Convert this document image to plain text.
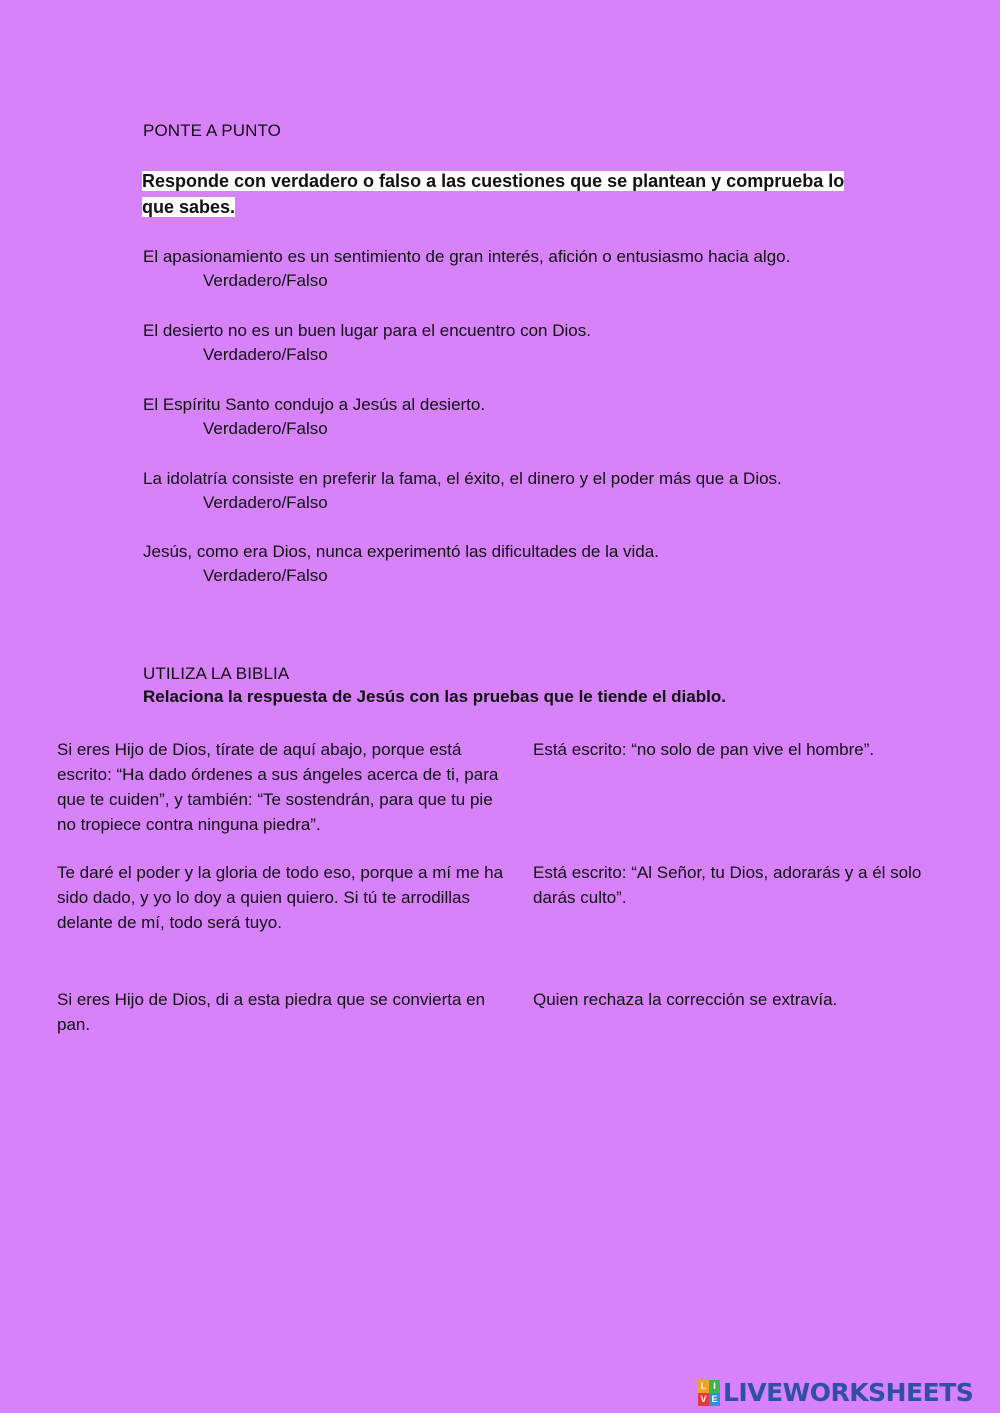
PONTE A PUNTO
Responde con verdadero o falso a las cuestiones que se plantean y comprueba lo que sabes.
El apasionamiento es un sentimiento de gran interés, afición o entusiasmo hacia algo.
Verdadero/Falso
El desierto no es un buen lugar para el encuentro con Dios.
Verdadero/Falso
El Espíritu Santo condujo a Jesús al desierto.
Verdadero/Falso
La idolatría consiste en preferir la fama, el éxito, el dinero y el poder más que a Dios.
Verdadero/Falso
Jesús, como era Dios, nunca experimentó las dificultades de la vida.
Verdadero/Falso
UTILIZA LA BIBLIA
Relaciona la respuesta de Jesús con las pruebas que le tiende el diablo.
Si eres Hijo de Dios, tírate de aquí abajo, porque está escrito: “Ha dado órdenes a sus ángeles acerca de ti, para que te cuiden”, y también: “Te sostendrán, para que tu pie no tropiece contra ninguna piedra”.
Está escrito: “no solo de pan vive el hombre”.
Te daré el poder y la gloria de todo eso, porque a mí me ha sido dado, y yo lo doy a quien quiero. Si tú te arrodillas delante de mí, todo será tuyo.
Está escrito: “Al Señor, tu Dios, adorarás y a él solo darás culto”.
Si eres Hijo de Dios, di a esta piedra que se convierta en pan.
Quien rechaza la corrección se extravía.
L I
V E LIVEWORKSHEETS
